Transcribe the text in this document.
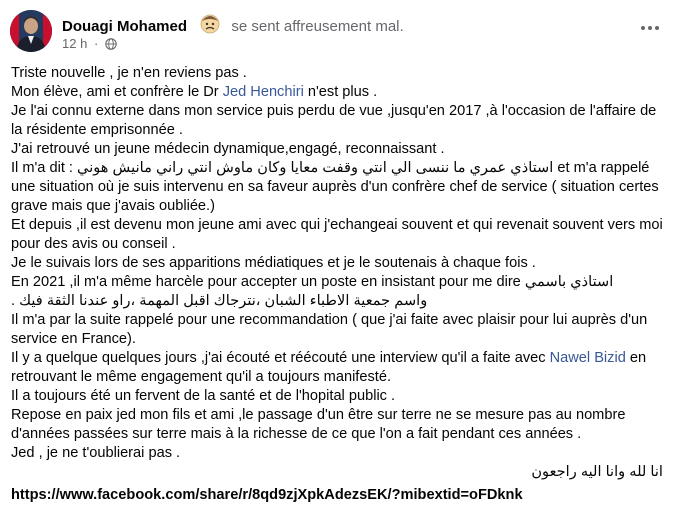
Douagi Mohamed	se sent affreusement mal.
12 h ·

Triste nouvelle , je n'en reviens pas .

Mon élève, ami et confrère le Dr Jed Henchiri n'est plus .

Je l'ai connu externe dans mon service puis perdu de vue ,jusqu'en 2017 ,à l'occasion de l'affaire de la résidente emprisonnée .

J'ai retrouvé un jeune médecin dynamique,engagé, reconnaissant .

Il m'a dit : استاذي عمري ما ننسى الي انتي وقفت معايا وكان ماوش انتي راني مانيش هوني et m'a rappelé une situation où je suis intervenu en sa faveur auprès d'un confrère chef de service ( situation certes grave mais que j'avais oubliée.)

Et depuis ,il est devenu mon jeune ami avec qui j'echangeai souvent et qui revenait souvent vers moi pour des avis ou conseil .

Je le suivais lors de ses apparitions médiatiques et je le soutenais à chaque fois .

En 2021 ,il m'a même harcèle pour accepter un poste en insistant pour me dire استاذي باسمي

واسم جمعية الاطباء الشبان ،نترجاك اقبل المهمة ،راو عندنا الثقة فيك .

Il m'a par la suite rappelé pour une recommandation ( que j'ai faite avec plaisir pour lui auprès d'un service en France).

Il y a quelque quelques jours ,j'ai écouté et réécouté une interview qu'il a faite avec Nawel Bizid en retrouvant le même engagement qu'il a toujours manifesté.

Il a toujours été un fervent de la santé et de l'hopital public .

Repose en paix jed mon fils et ami ,le passage d'un être sur terre ne se mesure pas au nombre d'années passées sur terre mais à la richesse de ce que l'on a fait pendant ces années .

Jed , je ne t'oublierai pas .

انا لله وانا اليه راجعون

https://www.facebook.com/share/r/8qd9zjXpkAdezsEK/?mibextid=oFDknk
